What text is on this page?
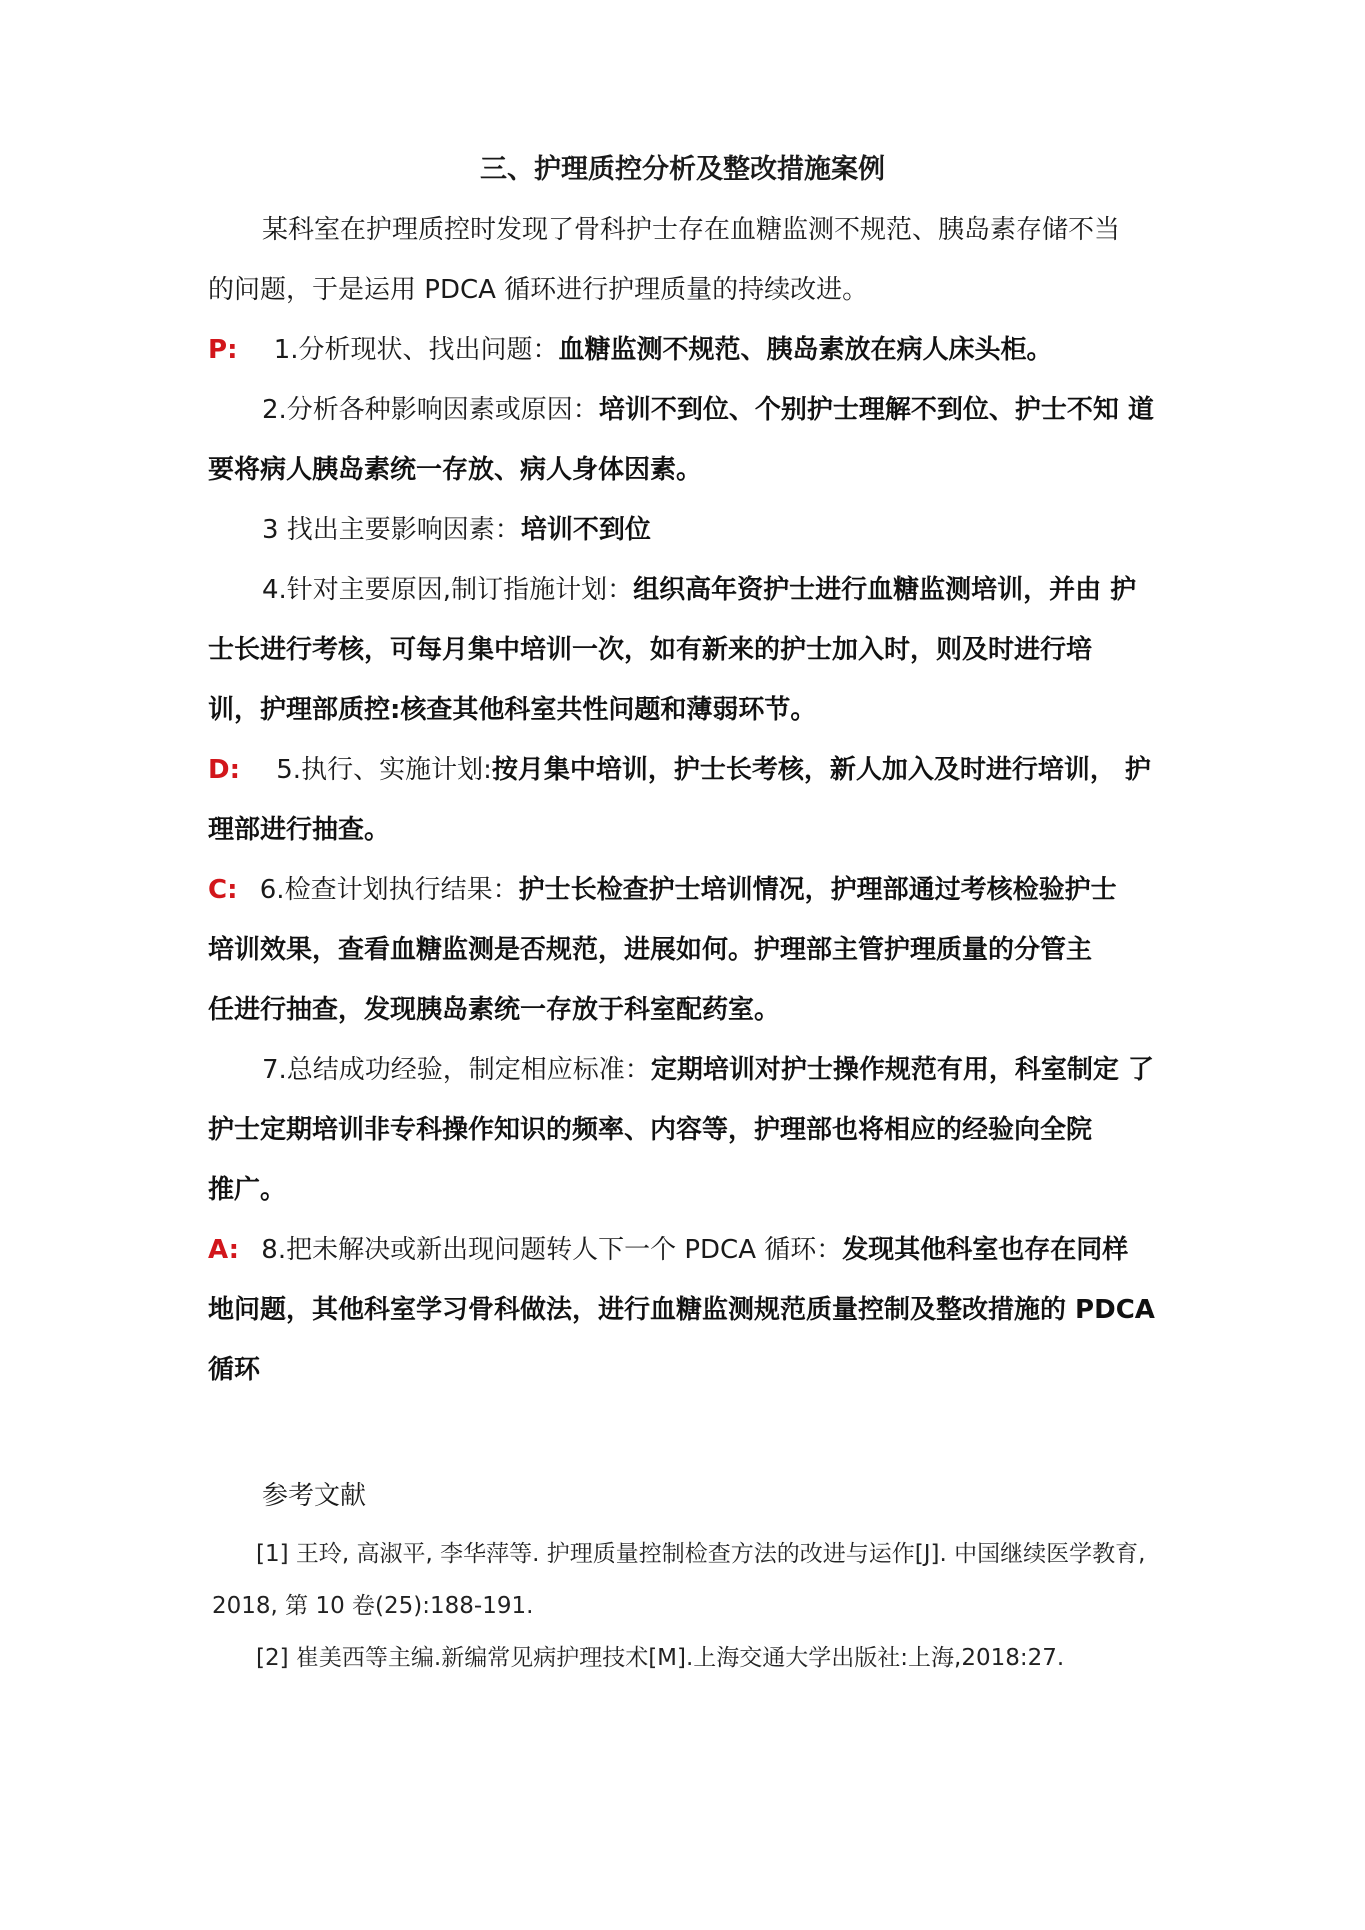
三、护理质控分析及整改措施案例
某科室在护理质控时发现了骨科护士存在血糖监测不规范、胰岛素存储不当
的问题，于是运用 PDCA 循环进行护理质量的持续改进。
P: 1.分析现状、找出问题：血糖监测不规范、胰岛素放在病人床头柜。
2.分析各种影响因素或原因：培训不到位、个别护士理解不到位、护士不知 道
要将病人胰岛素统一存放、病人身体因素。
3 找出主要影响因素：培训不到位
4.针对主要原因,制订指施计划：组织高年资护士进行血糖监测培训，并由 护
士长进行考核，可每月集中培训一次，如有新来的护士加入时，则及时进行培
训，护理部质控:核查其他科室共性问题和薄弱环节。
D: 5.执行、实施计划:按月集中培训，护士长考核，新人加入及时进行培训， 护
理部进行抽查。
C: 6.检查计划执行结果：护士长检查护士培训情况，护理部通过考核检验护士
培训效果，查看血糖监测是否规范，进展如何。护理部主管护理质量的分管主
任进行抽查，发现胰岛素统一存放于科室配药室。
7.总结成功经验，制定相应标准：定期培训对护士操作规范有用，科室制定 了
护士定期培训非专科操作知识的频率、内容等，护理部也将相应的经验向全院
推广。
A: 8.把未解决或新出现问题转人下一个 PDCA 循环：发现其他科室也存在同样
地问题，其他科室学习骨科做法，进行血糖监测规范质量控制及整改措施的 PDCA
循环
参考文献
[1] 王玲, 高淑平, 李华萍等. 护理质量控制检查方法的改进与运作[J]. 中国继续医学教育,
2018, 第 10 卷(25):188-191.
[2] 崔美西等主编.新编常见病护理技术[M].上海交通大学出版社:上海,2018:27.
